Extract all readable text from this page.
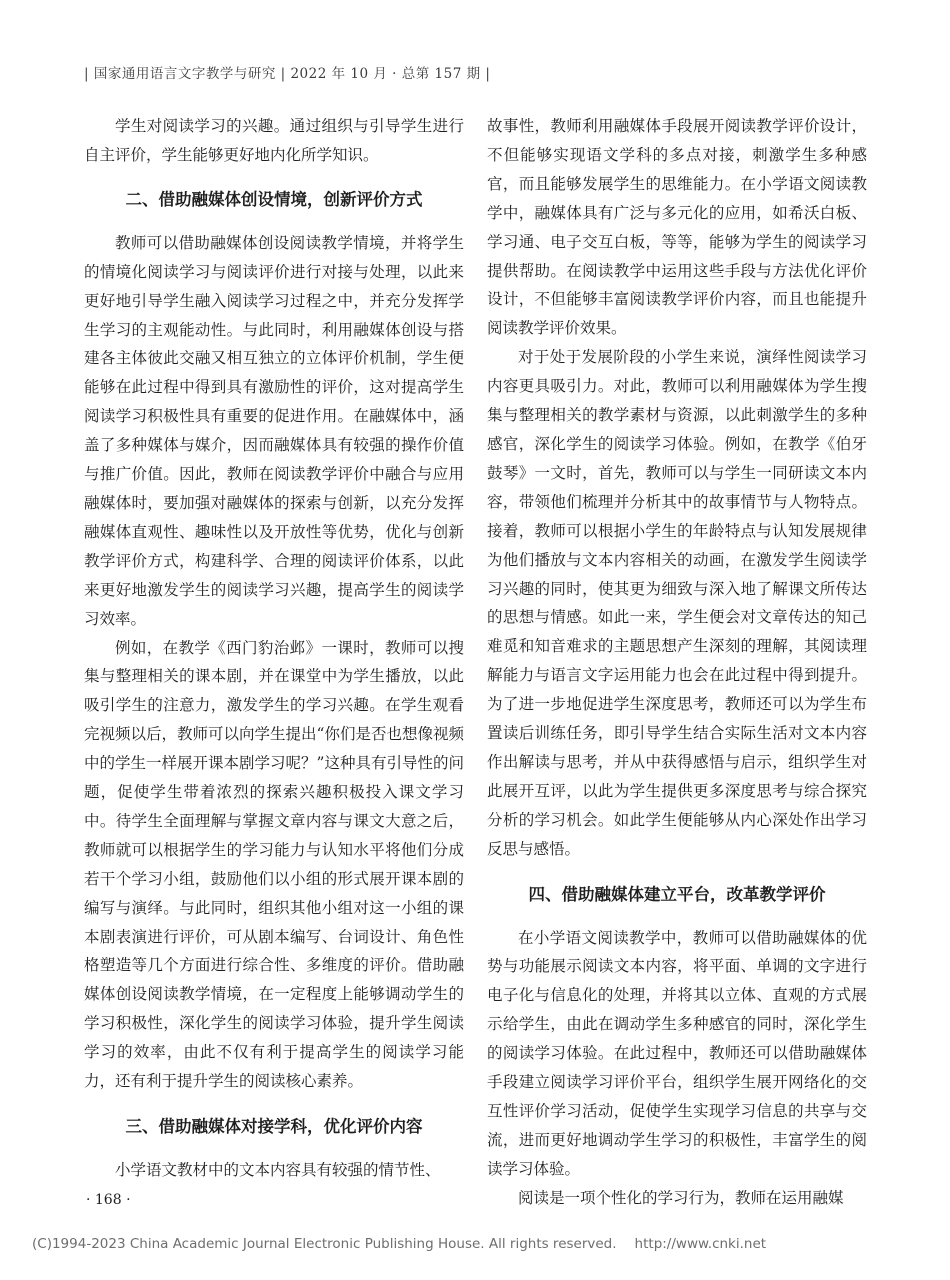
| 国家通用语言文字教学与研究 | 2022 年 10 月 · 总第 157 期 |

学生对阅读学习的兴趣。通过组织与引导学生进行自主评价，学生能够更好地内化所学知识。

二、借助融媒体创设情境，创新评价方式

教师可以借助融媒体创设阅读教学情境，并将学生的情境化阅读学习与阅读评价进行对接与处理，以此来更好地引导学生融入阅读学习过程之中，并充分发挥学生学习的主观能动性。与此同时，利用融媒体创设与搭建各主体彼此交融又相互独立的立体评价机制，学生便能够在此过程中得到具有激励性的评价，这对提高学生阅读学习积极性具有重要的促进作用。在融媒体中，涵盖了多种媒体与媒介，因而融媒体具有较强的操作价值与推广价值。因此，教师在阅读教学评价中融合与应用融媒体时，要加强对融媒体的探索与创新，以充分发挥融媒体直观性、趣味性以及开放性等优势，优化与创新教学评价方式，构建科学、合理的阅读评价体系，以此来更好地激发学生的阅读学习兴趣，提高学生的阅读学习效率。

例如，在教学《西门豹治邺》一课时，教师可以搜集与整理相关的课本剧，并在课堂中为学生播放，以此吸引学生的注意力，激发学生的学习兴趣。在学生观看完视频以后，教师可以向学生提出“你们是否也想像视频中的学生一样展开课本剧学习呢？”这种具有引导性的问题，促使学生带着浓烈的探索兴趣积极投入课文学习中。待学生全面理解与掌握文章内容与课文大意之后，教师就可以根据学生的学习能力与认知水平将他们分成若干个学习小组，鼓励他们以小组的形式展开课本剧的编写与演绎。与此同时，组织其他小组对这一小组的课本剧表演进行评价，可从剧本编写、台词设计、角色性格塑造等几个方面进行综合性、多维度的评价。借助融媒体创设阅读教学情境，在一定程度上能够调动学生的学习积极性，深化学生的阅读学习体验，提升学生阅读学习的效率，由此不仅有利于提高学生的阅读学习能力，还有利于提升学生的阅读核心素养。

三、借助融媒体对接学科，优化评价内容

小学语文教材中的文本内容具有较强的情节性、

故事性，教师利用融媒体手段展开阅读教学评价设计，不但能够实现语文学科的多点对接，刺激学生多种感官，而且能够发展学生的思维能力。在小学语文阅读教学中，融媒体具有广泛与多元化的应用，如希沃白板、学习通、电子交互白板，等等，能够为学生的阅读学习提供帮助。在阅读教学中运用这些手段与方法优化评价设计，不但能够丰富阅读教学评价内容，而且也能提升阅读教学评价效果。

对于处于发展阶段的小学生来说，演绎性阅读学习内容更具吸引力。对此，教师可以利用融媒体为学生搜集与整理相关的教学素材与资源，以此刺激学生的多种感官，深化学生的阅读学习体验。例如，在教学《伯牙鼓琴》一文时，首先，教师可以与学生一同研读文本内容，带领他们梳理并分析其中的故事情节与人物特点。接着，教师可以根据小学生的年龄特点与认知发展规律为他们播放与文本内容相关的动画，在激发学生阅读学习兴趣的同时，使其更为细致与深入地了解课文所传达的思想与情感。如此一来，学生便会对文章传达的知己难觅和知音难求的主题思想产生深刻的理解，其阅读理解能力与语言文字运用能力也会在此过程中得到提升。为了进一步地促进学生深度思考，教师还可以为学生布置读后训练任务，即引导学生结合实际生活对文本内容作出解读与思考，并从中获得感悟与启示，组织学生对此展开互评，以此为学生提供更多深度思考与综合探究分析的学习机会。如此学生便能够从内心深处作出学习反思与感悟。

四、借助融媒体建立平台，改革教学评价

在小学语文阅读教学中，教师可以借助融媒体的优势与功能展示阅读文本内容，将平面、单调的文字进行电子化与信息化的处理，并将其以立体、直观的方式展示给学生，由此在调动学生多种感官的同时，深化学生的阅读学习体验。在此过程中，教师还可以借助融媒体手段建立阅读学习评价平台，组织学生展开网络化的交互性评价学习活动，促使学生实现学习信息的共享与交流，进而更好地调动学生学习的积极性，丰富学生的阅读学习体验。

阅读是一项个性化的学习行为，教师在运用融媒

· 168 ·
(C)1994-2023 China Academic Journal Electronic Publishing House. All rights reserved. http://www.cnki.net
